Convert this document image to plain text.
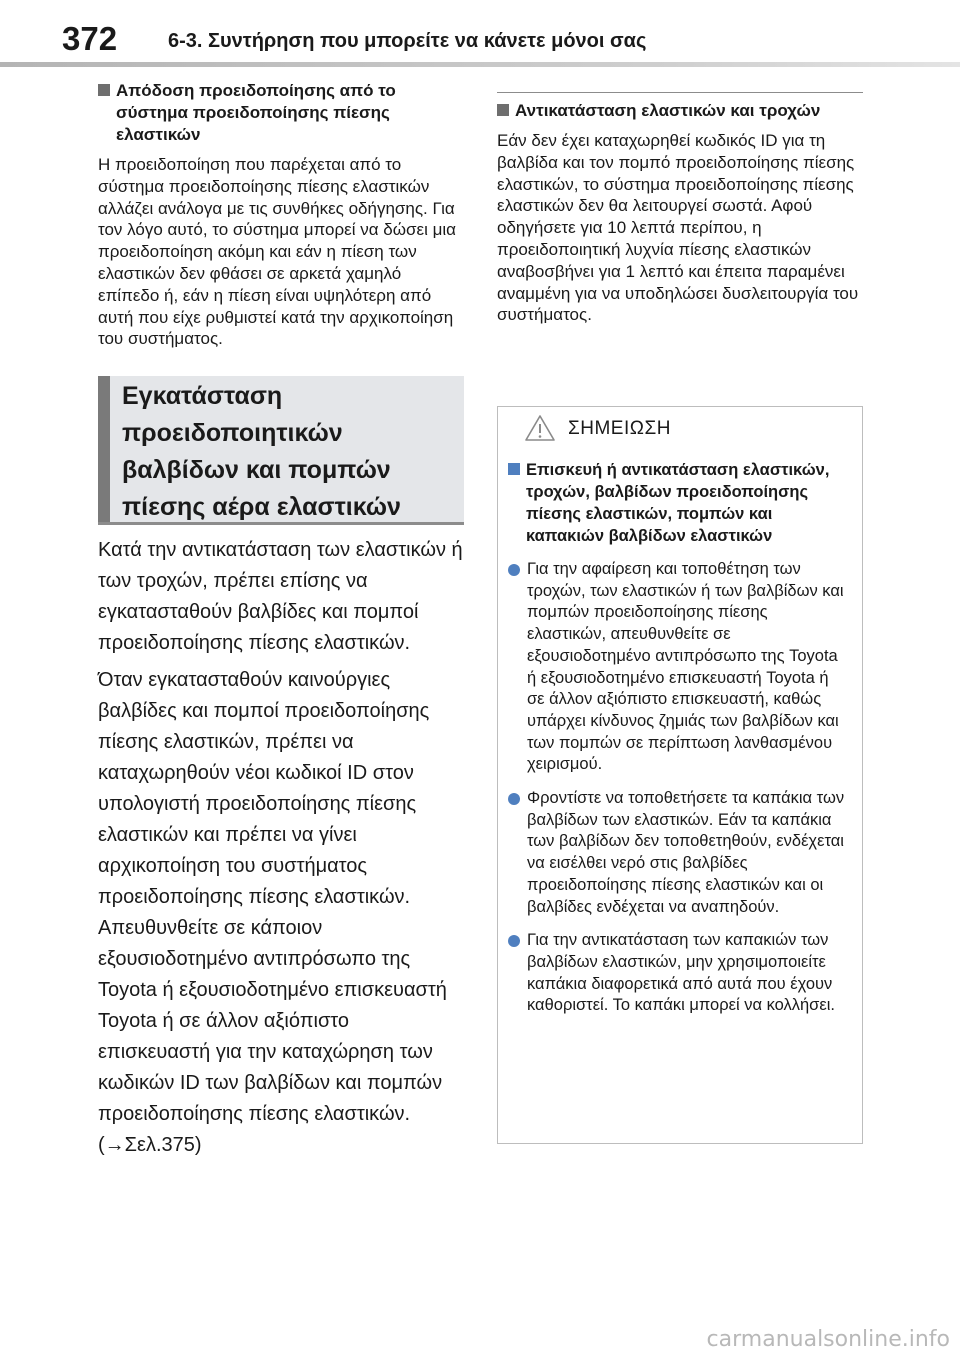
372	6-3. Συντήρηση που μπορείτε να κάνετε μόνοι σας
Απόδοση προειδοποίησης από το σύστημα προειδοποίησης πίεσης ελαστικών
Η προειδοποίηση που παρέχεται από το σύστημα προειδοποίησης πίεσης ελαστικών αλλάζει ανάλογα με τις συνθήκες οδήγησης. Για τον λόγο αυτό, το σύστημα μπορεί να δώσει μια προειδοποίηση ακόμη και εάν η πίεση των ελαστικών δεν φθάσει σε αρκετά χαμηλό επίπεδο ή, εάν η πίεση είναι υψηλότερη από αυτή που είχε ρυθμιστεί κατά την αρχικοποίηση του συστήματος.
Εγκατάσταση προειδοποιητικών βαλβίδων και πομπών πίεσης αέρα ελαστικών

Κατά την αντικατάσταση των ελαστικών ή των τροχών, πρέπει επίσης να εγκατασταθούν βαλβίδες και πομποί προειδοποίησης πίεσης ελαστικών.

Όταν εγκατασταθούν καινούργιες βαλβίδες και πομποί προειδοποίησης πίεσης ελαστικών, πρέπει να καταχωρηθούν νέοι κωδικοί ID στον υπολογιστή προειδοποίησης πίεσης ελαστικών και πρέπει να γίνει αρχικοποίηση του συστήματος προειδοποίησης πίεσης ελαστικών. Απευθυνθείτε σε κάποιον εξουσιοδοτημένο αντιπρόσωπο της Toyota ή εξουσιοδοτημένο επισκευαστή Toyota ή σε άλλον αξιόπιστο επισκευαστή για την καταχώρηση των κωδικών ID των βαλβίδων και πομπών προειδοποίησης πίεσης ελαστικών. (→Σελ.375)

Αντικατάσταση ελαστικών και τροχών
Εάν δεν έχει καταχωρηθεί κωδικός ID για τη βαλβίδα και τον πομπό προειδοποίησης πίεσης ελαστικών, το σύστημα προειδοποίησης πίεσης ελαστικών δεν θα λειτουργεί σωστά. Αφού οδηγήσετε για 10 λεπτά περίπου, η προειδοποιητική λυχνία πίεσης ελαστικών αναβοσβήνει για 1 λεπτό και έπειτα παραμένει αναμμένη για να υποδηλώσει δυσλειτουργία του συστήματος.
ΣΗΜΕΙΩΣΗ
Επισκευή ή αντικατάσταση ελαστικών, τροχών, βαλβίδων προειδοποίησης πίεσης ελαστικών, πομπών και καπακιών βαλβίδων ελαστικών
Για την αφαίρεση και τοποθέτηση των τροχών, των ελαστικών ή των βαλβίδων και πομπών προειδοποίησης πίεσης ελαστικών, απευθυνθείτε σε εξουσιοδοτημένο αντιπρόσωπο της Toyota ή εξουσιοδοτημένο επισκευαστή Toyota ή σε άλλον αξιόπιστο επισκευαστή, καθώς υπάρχει κίνδυνος ζημιάς των βαλβίδων και των πομπών σε περίπτωση λανθασμένου χειρισμού.
Φροντίστε να τοποθετήσετε τα καπάκια των βαλβίδων των ελαστικών. Εάν τα καπάκια των βαλβίδων δεν τοποθετηθούν, ενδέχεται να εισέλθει νερό στις βαλβίδες προειδοποίησης πίεσης ελαστικών και οι βαλβίδες ενδέχεται να αναπηδούν.
Για την αντικατάσταση των καπακιών των βαλβίδων ελαστικών, μην χρησιμοποιείτε καπάκια διαφορετικά από αυτά που έχουν καθοριστεί. Το καπάκι μπορεί να κολλήσει.
carmanualsonline.info
